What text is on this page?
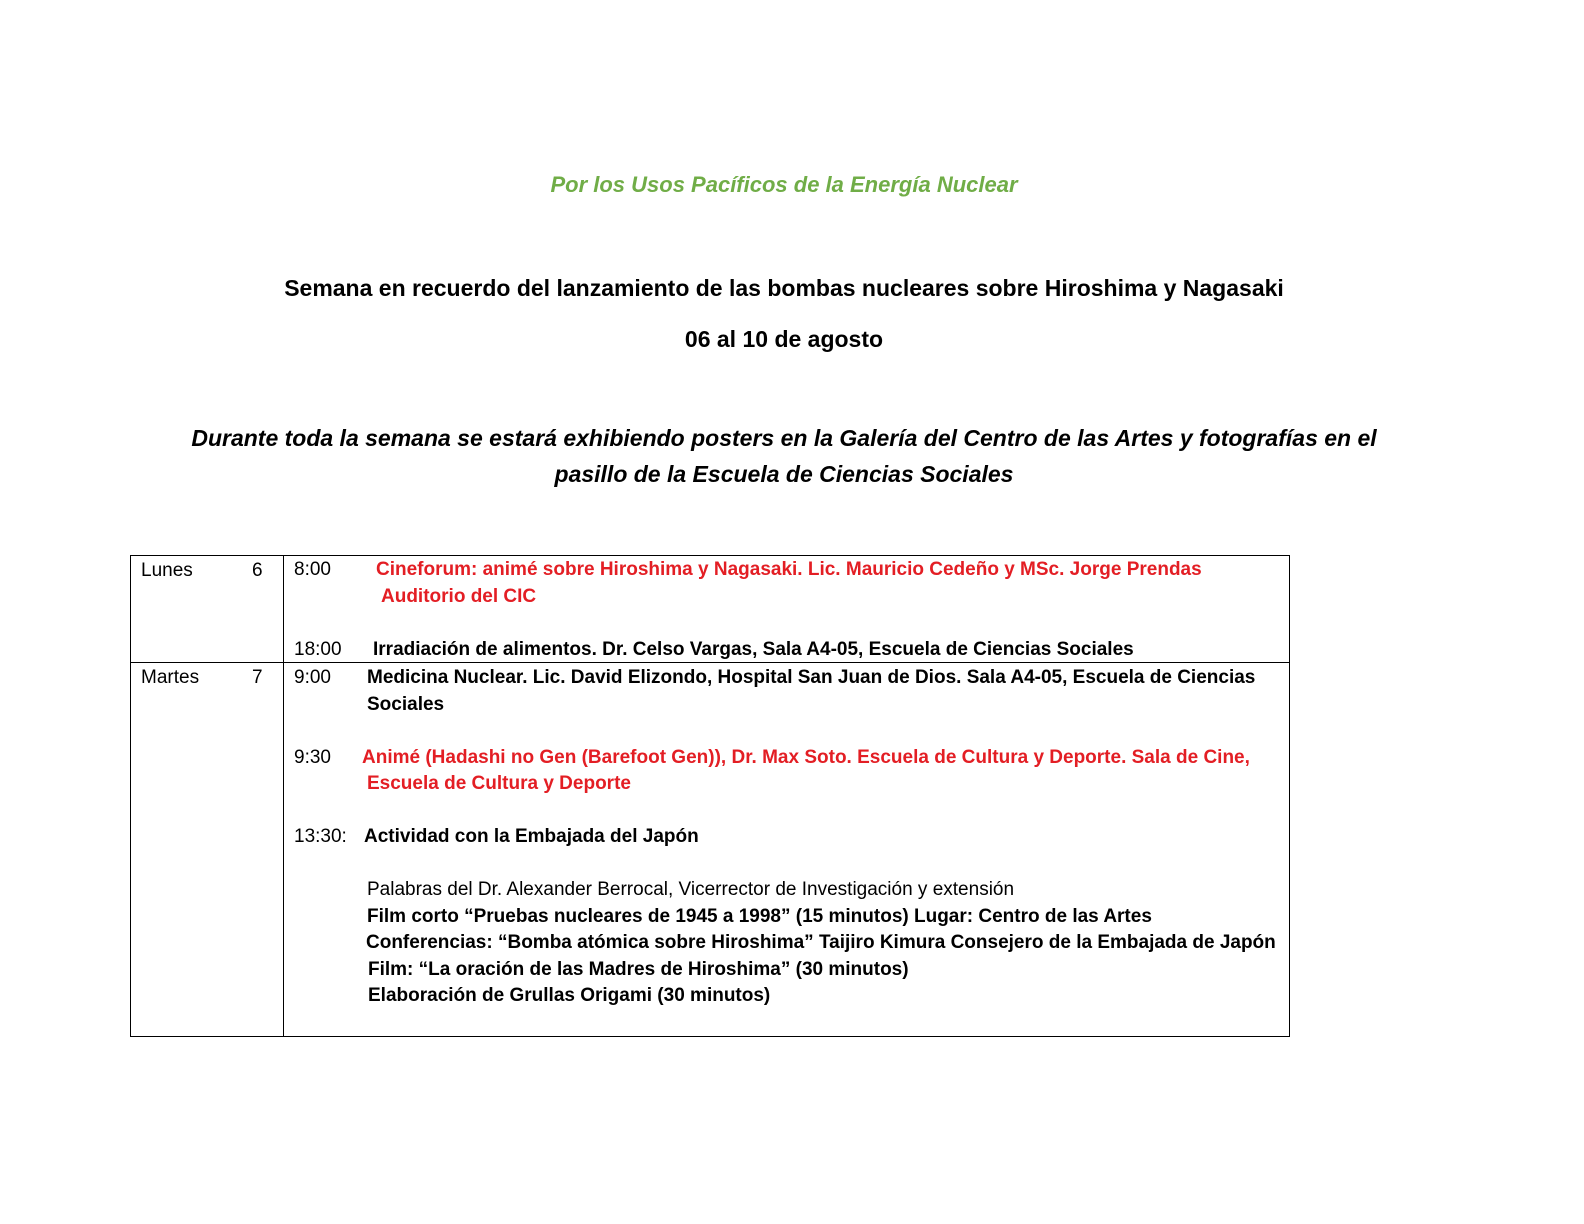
Por los Usos Pacíficos de la Energía Nuclear
Semana en recuerdo del lanzamiento de las bombas nucleares sobre Hiroshima y Nagasaki
06 al 10 de agosto
Durante toda la semana se estará exhibiendo posters en la Galería del Centro de las Artes y fotografías en el
pasillo de la Escuela de Ciencias Sociales
Lunes	6 8:00 Cineforum: animé sobre Hiroshima y Nagasaki. Lic. Mauricio Cedeño y MSc. Jorge Prendas
Auditorio del CIC
18:00 Irradiación de alimentos. Dr. Celso Vargas, Sala A4-05, Escuela de Ciencias Sociales
Martes	7 9:00 Medicina Nuclear. Lic. David Elizondo, Hospital San Juan de Dios. Sala A4-05, Escuela de Ciencias
Sociales
9:30 Animé (Hadashi no Gen (Barefoot Gen)), Dr. Max Soto. Escuela de Cultura y Deporte. Sala de Cine,
Escuela de Cultura y Deporte
13:30: Actividad con la Embajada del Japón
Palabras del Dr. Alexander Berrocal, Vicerrector de Investigación y extensión
Film corto “Pruebas nucleares de 1945 a 1998” (15 minutos) Lugar: Centro de las Artes
Conferencias: “Bomba atómica sobre Hiroshima” Taijiro Kimura Consejero de la Embajada de Japón
Film: “La oración de las Madres de Hiroshima” (30 minutos)
Elaboración de Grullas Origami (30 minutos)
